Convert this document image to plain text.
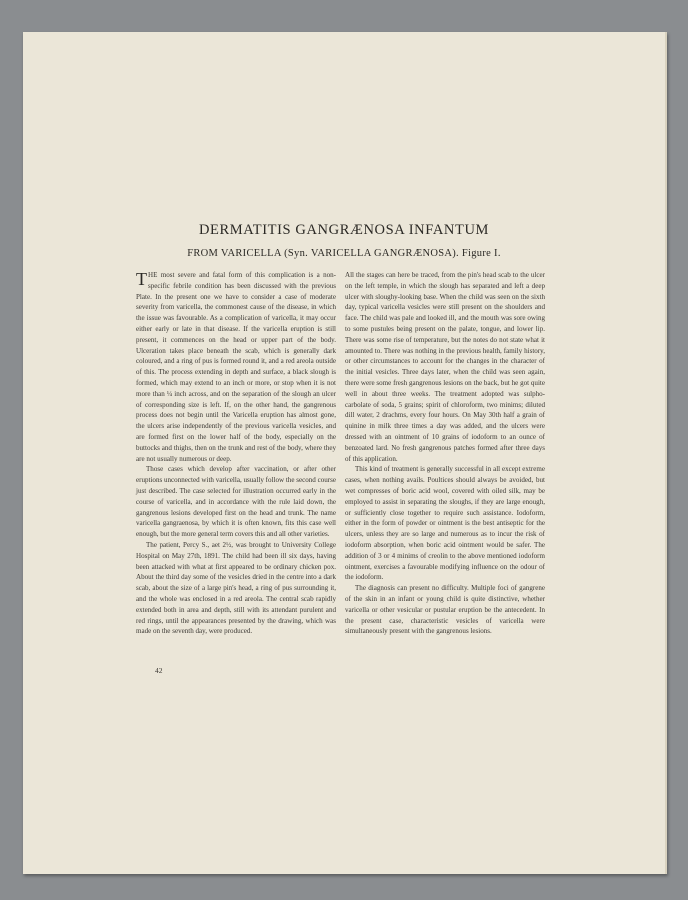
DERMATITIS GANGRÆNOSA INFANTUM
FROM VARICELLA (Syn. VARICELLA GANGRÆNOSA). Figure I.

THE most severe and fatal form of this complication is a non-specific febrile condition has been discussed with the previous Plate. In the present one we have to consider a case of moderate severity from varicella, the commonest cause of the disease, in which the issue was favourable. As a complication of varicella, it may occur either early or late in that disease. If the varicella eruption is still present, it commences on the head or upper part of the body. Ulceration takes place beneath the scab, which is generally dark coloured, and a ring of pus is formed round it, and a red areola outside of this. The process extending in depth and surface, a black slough is formed, which may extend to an inch or more, or stop when it is not more than ¼ inch across, and on the separation of the slough an ulcer of corresponding size is left. If, on the other hand, the gangrenous process does not begin until the Varicella eruption has almost gone, the ulcers arise independently of the previous varicella vesicles, and are formed first on the lower half of the body, especially on the buttocks and thighs, then on the trunk and rest of the body, where they are not usually numerous or deep.

Those cases which develop after vaccination, or after other eruptions unconnected with varicella, usually follow the second course just described. The case selected for illustration occurred early in the course of varicella, and in accordance with the rule laid down, the gangrenous lesions developed first on the head and trunk. The name varicella gangraenosa, by which it is often known, fits this case well enough, but the more general term covers this and all other varieties.

The patient, Percy S., aet 2½, was brought to University College Hospital on May 27th, 1891. The child had been ill six days, having been attacked with what at first appeared to be ordinary chicken pox. About the third day some of the vesicles dried in the centre into a dark scab, about the size of a large pin's head, a ring of pus surrounding it, and the whole was enclosed in a red areola. The central scab rapidly extended both in area and depth, still with its attendant purulent and red rings, until the appearances presented by the drawing, which was made on the seventh day, were produced.

All the stages can here be traced, from the pin's head scab to the ulcer on the left temple, in which the slough has separated and left a deep ulcer with sloughy-looking base. When the child was seen on the sixth day, typical varicella vesicles were still present on the shoulders and face. The child was pale and looked ill, and the mouth was sore owing to some pustules being present on the palate, tongue, and lower lip. There was some rise of temperature, but the notes do not state what it amounted to. There was nothing in the previous health, family history, or other circumstances to account for the changes in the character of the initial vesicles. Three days later, when the child was seen again, there were some fresh gangrenous lesions on the back, but he got quite well in about three weeks. The treatment adopted was sulpho-carbolate of soda, 5 grains; spirit of chloroform, two minims; diluted dill water, 2 drachms, every four hours. On May 30th half a grain of quinine in milk three times a day was added, and the ulcers were dressed with an ointment of 10 grains of iodoform to an ounce of benzoated lard. No fresh gangrenous patches formed after three days of this application.

This kind of treatment is generally successful in all except extreme cases, when nothing avails. Poultices should always be avoided, but wet compresses of boric acid wool, covered with oiled silk, may be employed to assist in separating the sloughs, if they are large enough, or sufficiently close together to require such assistance. Iodoform, either in the form of powder or ointment is the best antiseptic for the ulcers, unless they are so large and numerous as to incur the risk of iodoform absorption, when boric acid ointment would be safer. The addition of 3 or 4 minims of creolin to the above mentioned iodoform ointment, exercises a favourable modifying influence on the odour of the iodoform.

The diagnosis can present no difficulty. Multiple foci of gangrene of the skin in an infant or young child is quite distinctive, whether varicella or other vesicular or pustular eruption be the antecedent. In the present case, characteristic vesicles of varicella were simultaneously present with the gangrenous lesions.

42
